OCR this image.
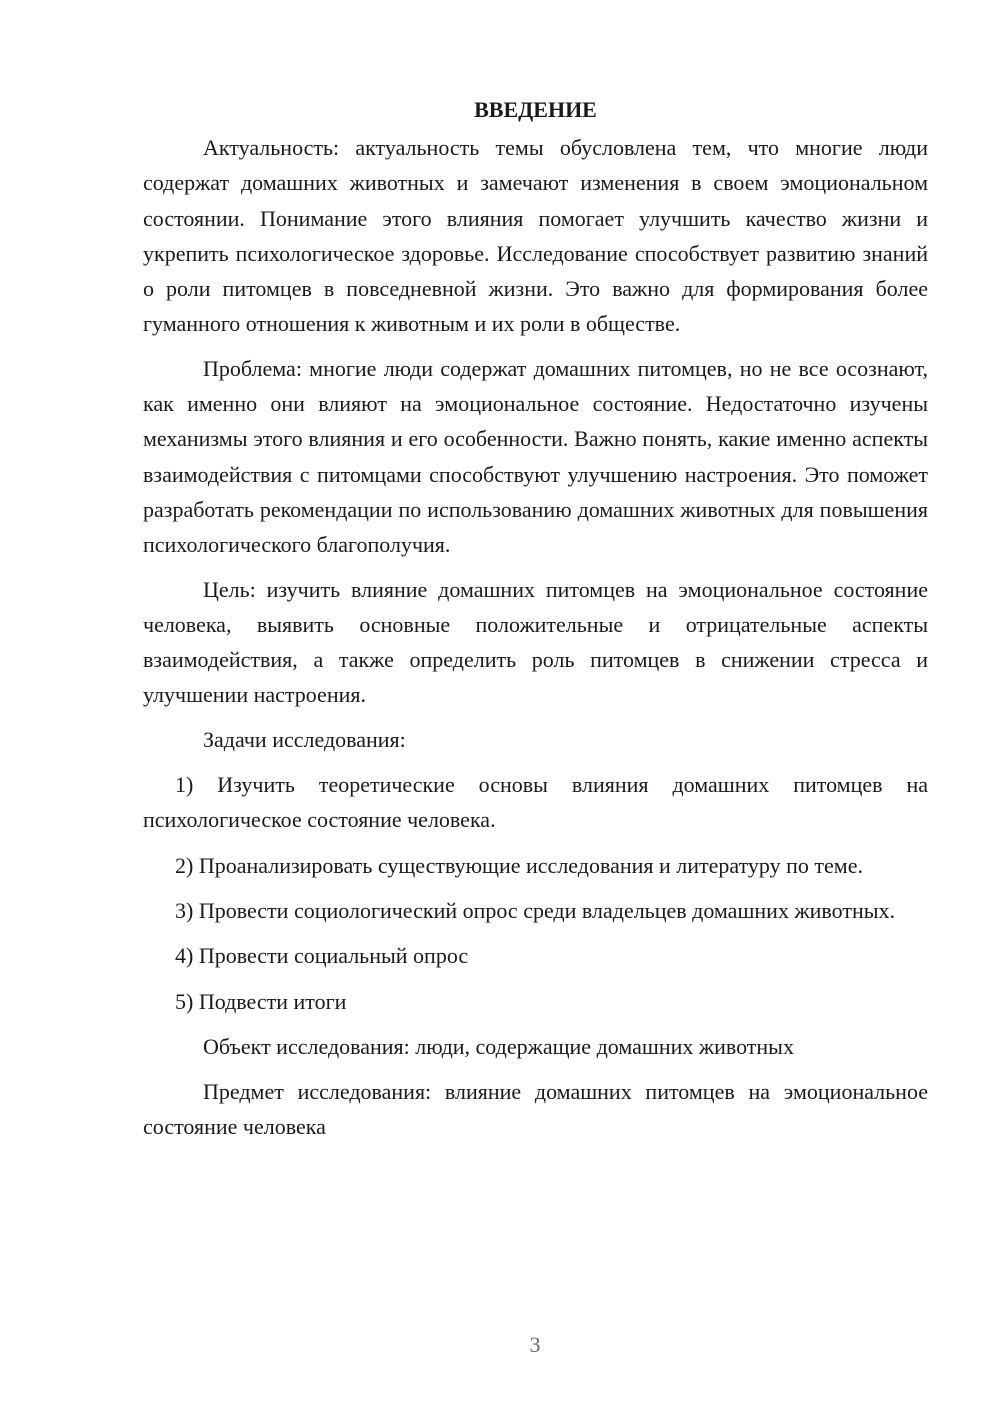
ВВЕДЕНИЕ

Актуальность: актуальность темы обусловлена тем, что многие люди содержат домашних животных и замечают изменения в своем эмоциональном состоянии. Понимание этого влияния помогает улучшить качество жизни и укрепить психологическое здоровье. Исследование способствует развитию знаний о роли питомцев в повседневной жизни. Это важно для формирования более гуманного отношения к животным и их роли в обществе.

Проблема: многие люди содержат домашних питомцев, но не все осознают, как именно они влияют на эмоциональное состояние. Недостаточно изучены механизмы этого влияния и его особенности. Важно понять, какие именно аспекты взаимодействия с питомцами способствуют улучшению настроения. Это поможет разработать рекомендации по использованию домашних животных для повышения психологического благополучия.

Цель: изучить влияние домашних питомцев на эмоциональное состояние человека, выявить основные положительные и отрицательные аспекты взаимодействия, а также определить роль питомцев в снижении стресса и улучшении настроения.

Задачи исследования:

1) Изучить теоретические основы влияния домашних питомцев на психологическое состояние человека.

2) Проанализировать существующие исследования и литературу по теме.

3) Провести социологический опрос среди владельцев домашних животных.

4) Провести социальный опрос

5) Подвести итоги

Объект исследования: люди, содержащие домашних животных

Предмет исследования: влияние домашних питомцев на эмоциональное состояние человека

3
